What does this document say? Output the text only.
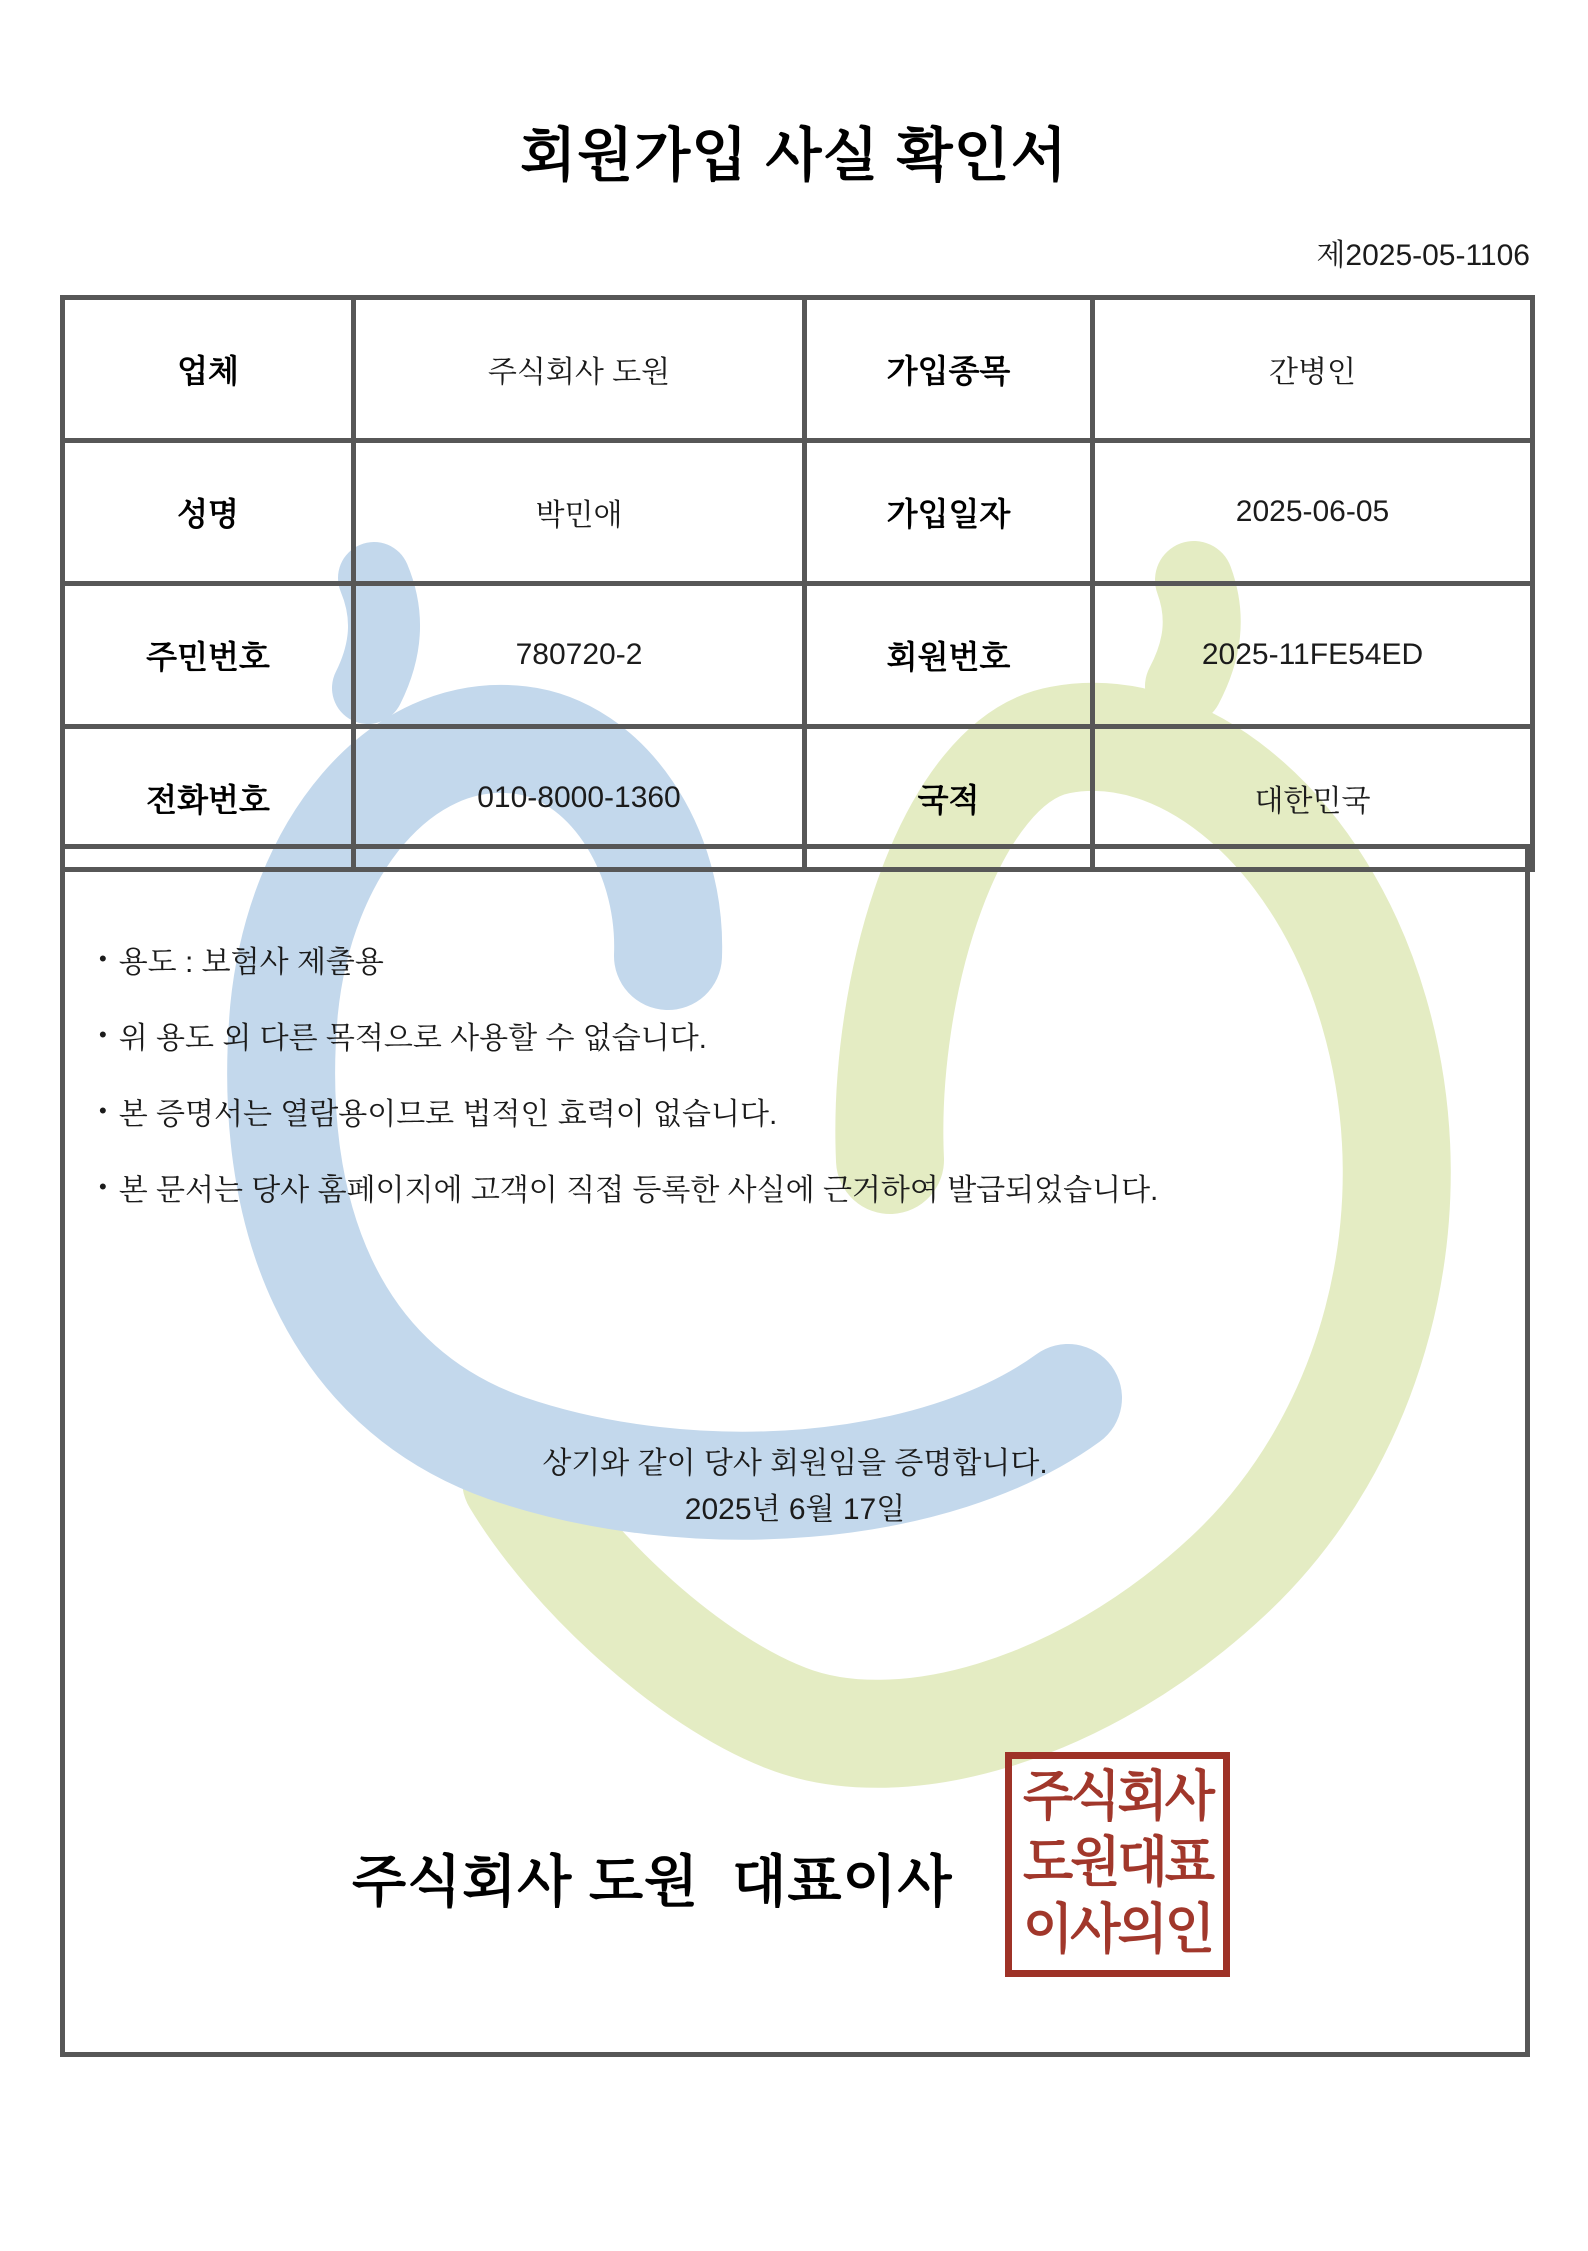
회원가입 사실 확인서
제2025-05-1106
업체	주식회사 도원	가입종목	간병인
성명	박민애	가입일자	2025-06-05
주민번호	780720-2	회원번호	2025-11FE54ED
전화번호	010-8000-1360	국적	대한민국
• 용도 : 보험사 제출용
• 위 용도 외 다른 목적으로 사용할 수 없습니다.
• 본 증명서는 열람용이므로 법적인 효력이 없습니다.
• 본 문서는 당사 홈페이지에 고객이 직접 등록한 사실에 근거하여 발급되었습니다.
상기와 같이 당사 회원임을 증명합니다.
2025년 6월 17일
주식회사 도원  대표이사
주식회사
도원대표
이사의인
